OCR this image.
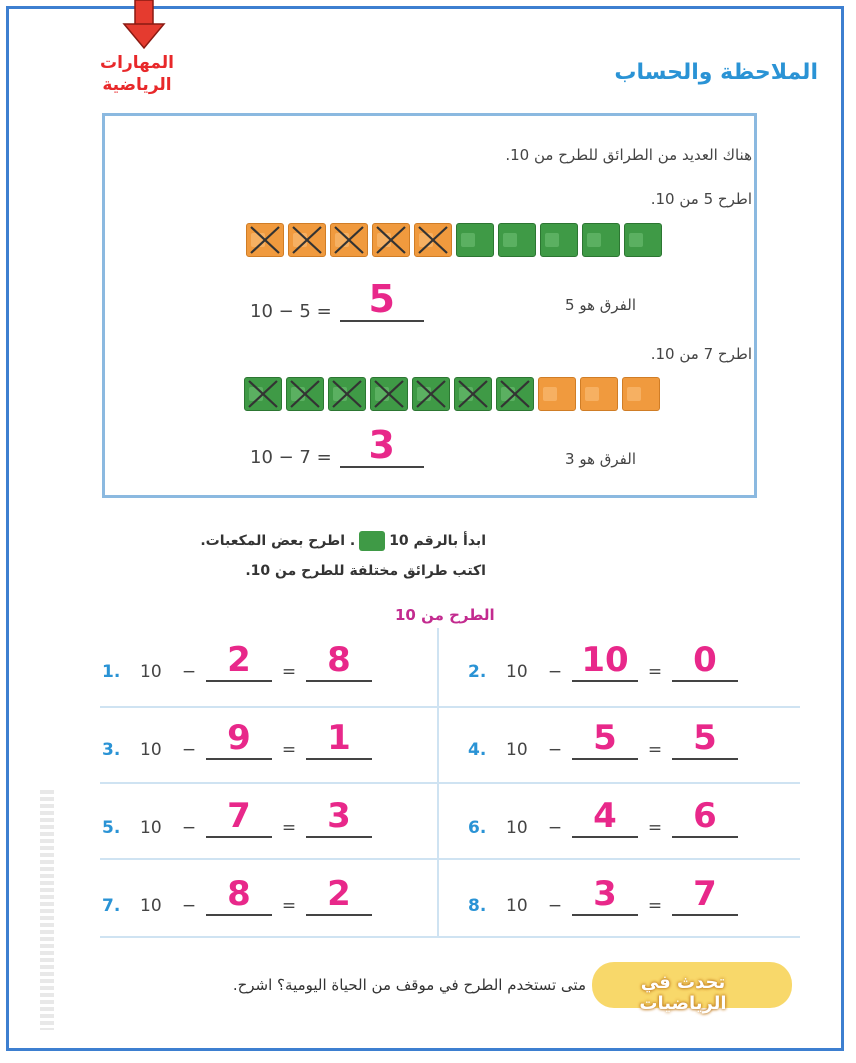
المهارات
الرياضية	الملاحظة والحساب
هناك العديد من الطرائق للطرح من 10.
اطرح 5 من 10.
10 − 5 = 5	الفرق هو 5
اطرح 7 من 10.
10 − 7 = 3	الفرق هو 3
ابدأ بالرقم 10. اطرح بعض المكعبات.
اكتب طرائق مختلفة للطرح من 10.
الطرح من 10
1.	10	− 2	= 8	2.	10	− 10	= 0
3.	10	− 9	= 1	4.	10	− 5	= 5
5.	10	− 7	= 3	6.	10	− 4	= 6
7.	10	− 8	= 2	8.	10	− 3	= 7
تحدث في الرياضيات
متى تستخدم الطرح في موقف من الحياة اليومية؟ اشرح.
